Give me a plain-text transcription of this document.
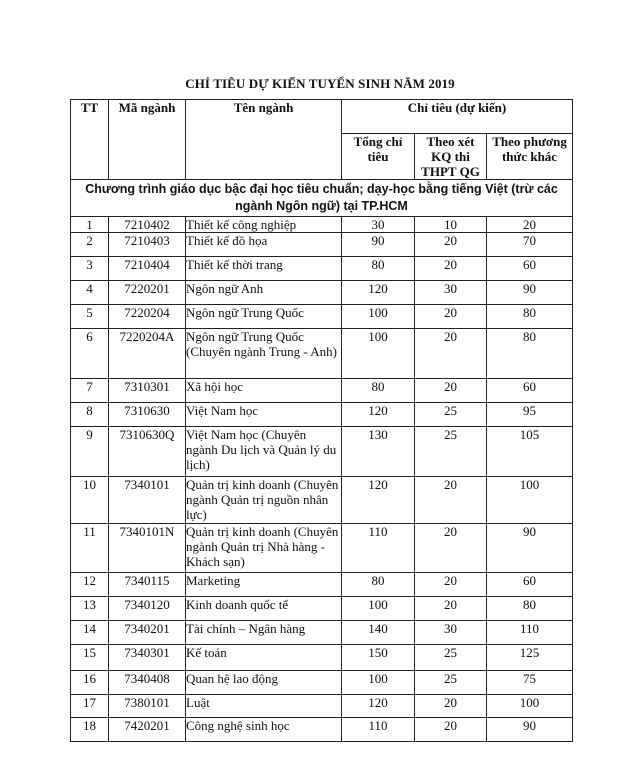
CHỈ TIÊU DỰ KIẾN TUYỂN SINH NĂM 2019
TT	Mã ngành	Tên ngành	Chỉ tiêu (dự kiến)		
			Tổng chỉ tiêu	Theo xét KQ thi THPT QG	Theo phương thức khác
Chương trình giáo dục bậc đại học tiêu chuẩn; dạy-học bằng tiếng Việt (trừ các ngành Ngôn ngữ) tại TP.HCM					
1	7210402	Thiết kế công nghiệp	30	10	20
2	7210403	Thiết kế đồ họa	90	20	70
3	7210404	Thiết kế thời trang	80	20	60
4	7220201	Ngôn ngữ Anh	120	30	90
5	7220204	Ngôn ngữ Trung Quốc	100	20	80
6	7220204A	Ngôn ngữ Trung Quốc (Chuyên ngành Trung - Anh)	100	20	80
7	7310301	Xã hội học	80	20	60
8	7310630	Việt Nam học	120	25	95
9	7310630Q	Việt Nam học (Chuyên ngành Du lịch và Quản lý du lịch)	130	25	105
10	7340101	Quản trị kinh doanh (Chuyên ngành Quản trị nguồn nhân lực)	120	20	100
11	7340101N	Quản trị kinh doanh (Chuyên ngành Quản trị Nhà hàng - Khách sạn)	110	20	90
12	7340115	Marketing	80	20	60
13	7340120	Kinh doanh quốc tế	100	20	80
14	7340201	Tài chính – Ngân hàng	140	30	110
15	7340301	Kế toán	150	25	125
16	7340408	Quan hệ lao động	100	25	75
17	7380101	Luật	120	20	100
18	7420201	Công nghệ sinh học	110	20	90
